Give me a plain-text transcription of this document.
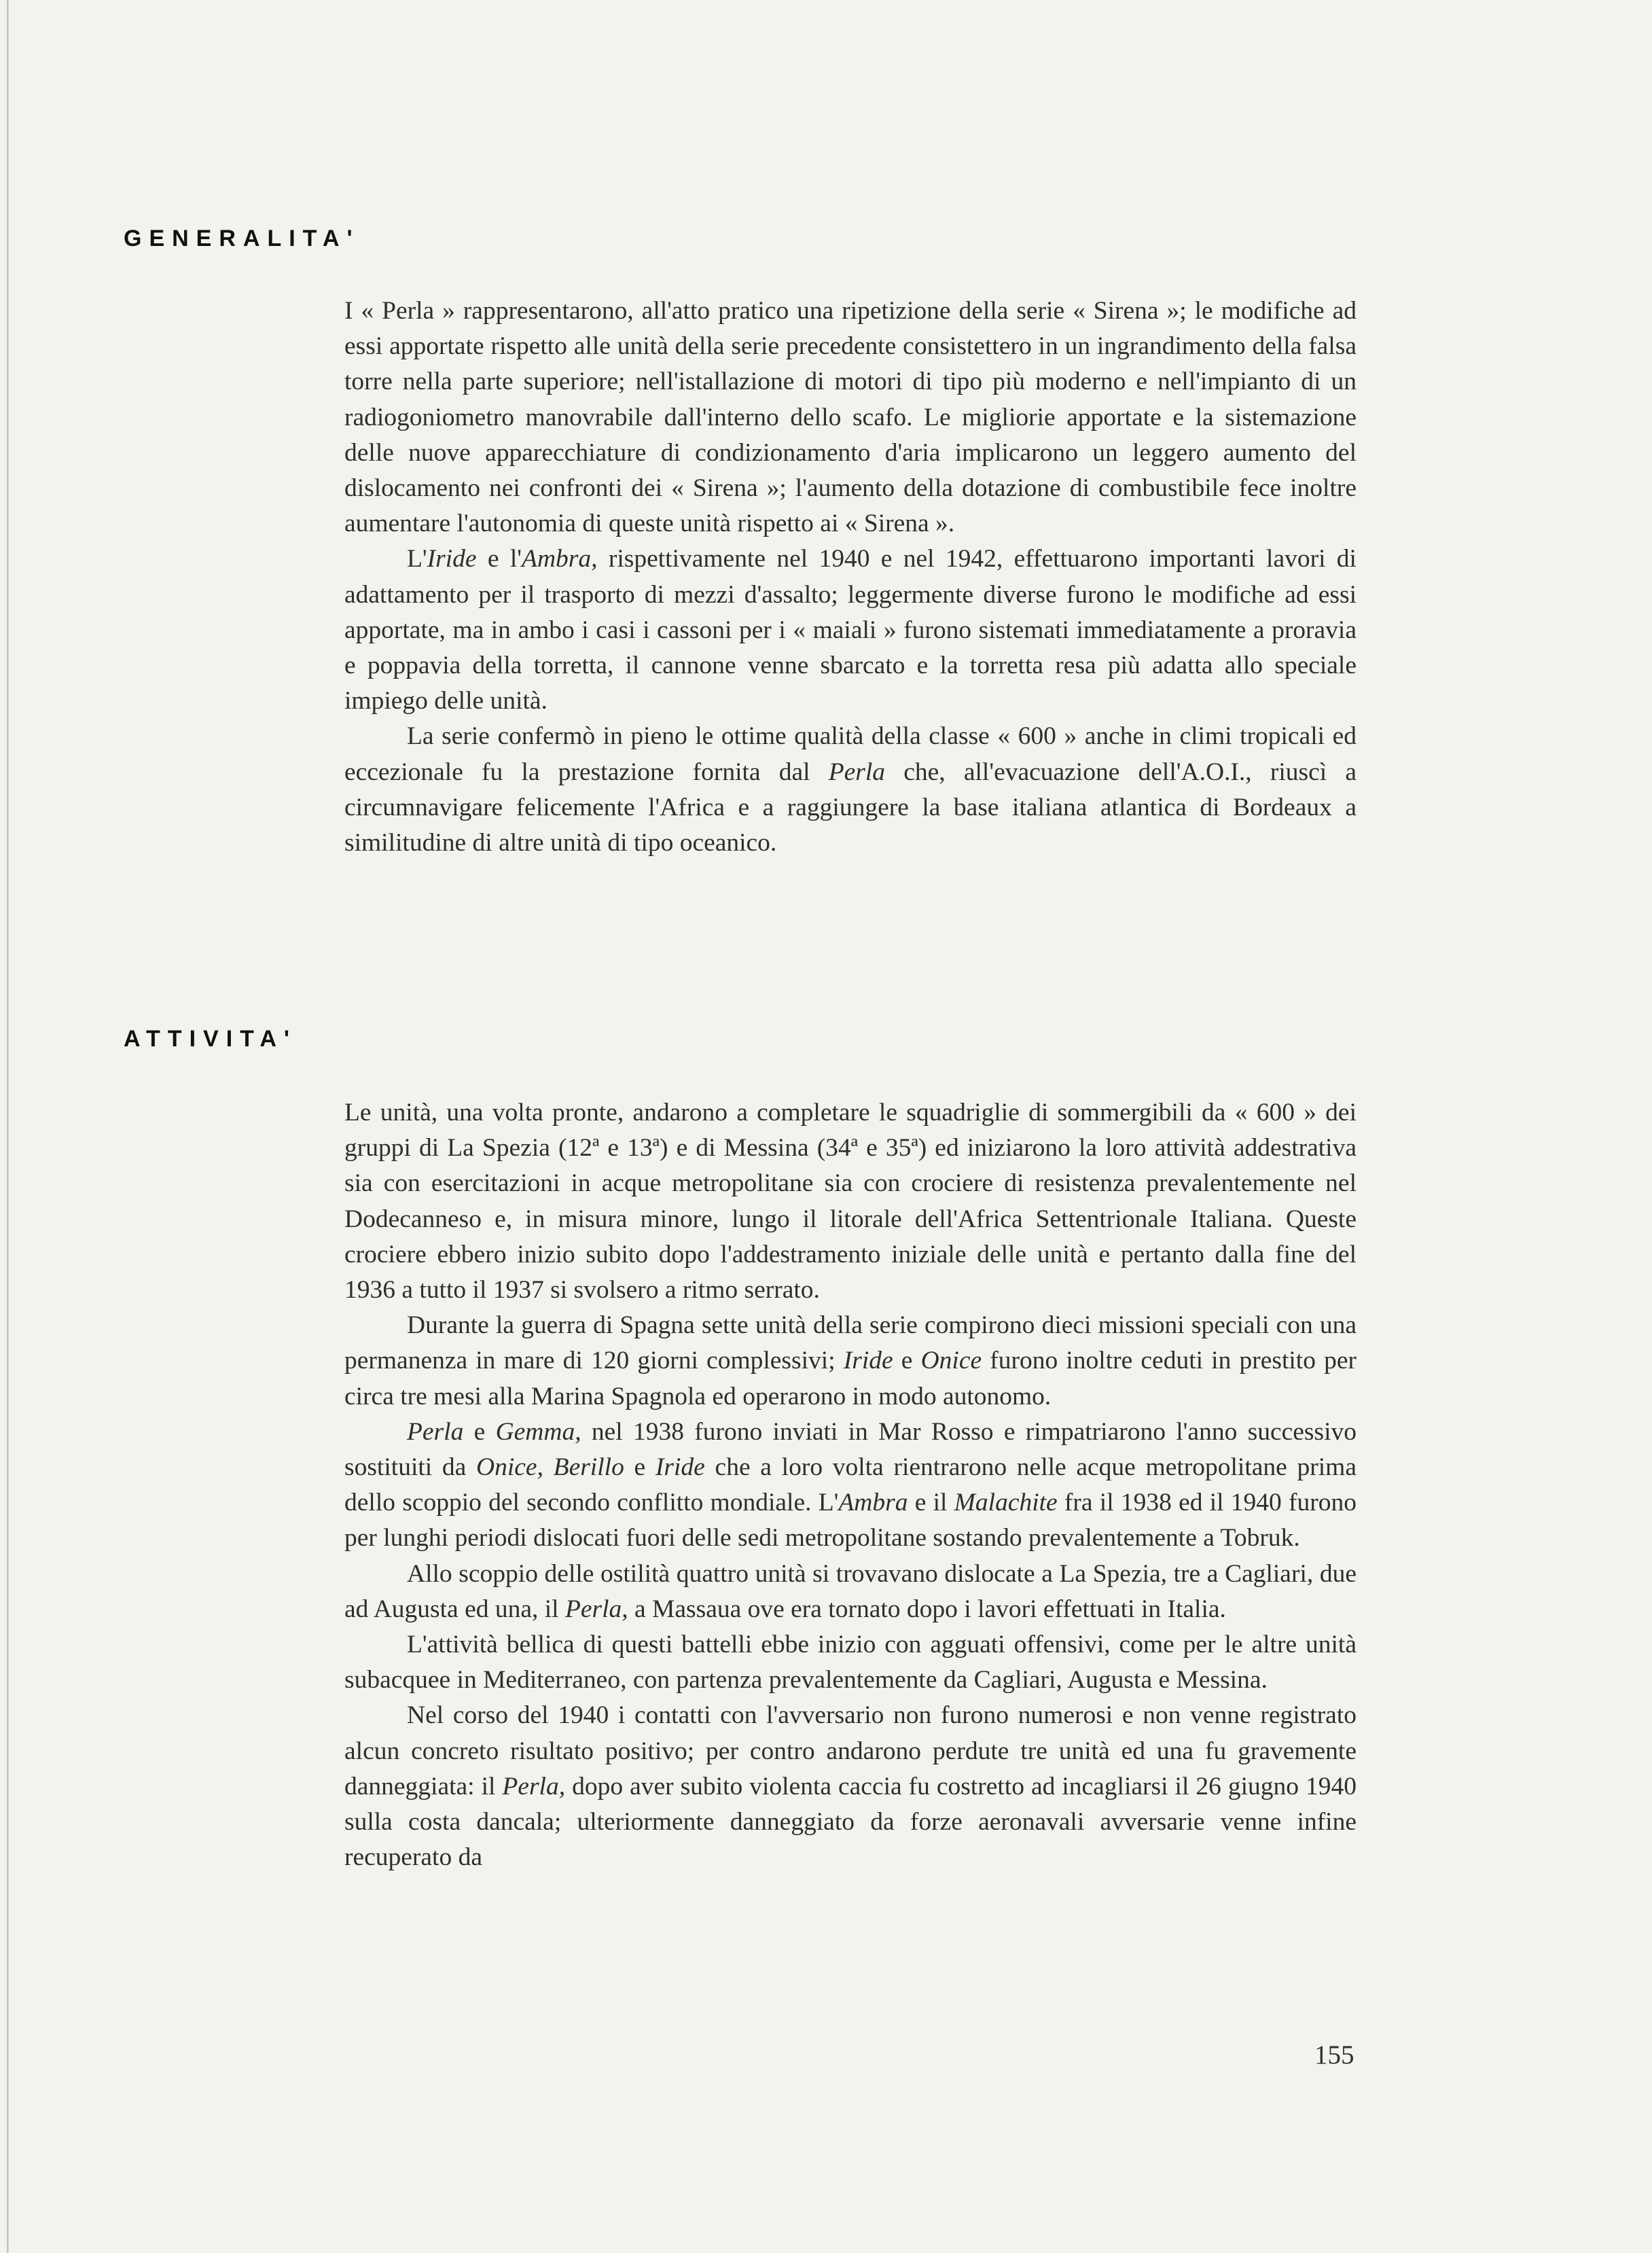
GENERALITA'

I « Perla » rappresentarono, all'atto pratico una ripetizione della serie « Sirena »; le modifiche ad essi apportate rispetto alle unità della serie precedente consistettero in un ingrandimento della falsa torre nella parte superiore; nell'istallazione di motori di tipo più moderno e nell'impianto di un radiogoniometro manovrabile dall'interno dello scafo. Le migliorie apportate e la sistemazione delle nuove apparecchiature di condizionamento d'aria implicarono un leggero aumento del dislocamento nei confronti dei « Sirena »; l'aumento della dotazione di combustibile fece inoltre aumentare l'autonomia di queste unità rispetto ai « Sirena ».

L'Iride e l'Ambra, rispettivamente nel 1940 e nel 1942, effettuarono importanti lavori di adattamento per il trasporto di mezzi d'assalto; leggermente diverse furono le modifiche ad essi apportate, ma in ambo i casi i cassoni per i « maiali » furono sistemati immediatamente a proravia e poppavia della torretta, il cannone venne sbarcato e la torretta resa più adatta allo speciale impiego delle unità.

La serie confermò in pieno le ottime qualità della classe « 600 » anche in climi tropicali ed eccezionale fu la prestazione fornita dal Perla che, all'evacuazione dell'A.O.I., riuscì a circumnavigare felicemente l'Africa e a raggiungere la base italiana atlantica di Bordeaux a similitudine di altre unità di tipo oceanico.

ATTIVITA'

Le unità, una volta pronte, andarono a completare le squadriglie di sommergibili da « 600 » dei gruppi di La Spezia (12ª e 13ª) e di Messina (34ª e 35ª) ed iniziarono la loro attività addestrativa sia con esercitazioni in acque metropolitane sia con crociere di resistenza prevalentemente nel Dodecanneso e, in misura minore, lungo il litorale dell'Africa Settentrionale Italiana. Queste crociere ebbero inizio subito dopo l'addestramento iniziale delle unità e pertanto dalla fine del 1936 a tutto il 1937 si svolsero a ritmo serrato.

Durante la guerra di Spagna sette unità della serie compirono dieci missioni speciali con una permanenza in mare di 120 giorni complessivi; Iride e Onice furono inoltre ceduti in prestito per circa tre mesi alla Marina Spagnola ed operarono in modo autonomo.

Perla e Gemma, nel 1938 furono inviati in Mar Rosso e rimpatriarono l'anno successivo sostituiti da Onice, Berillo e Iride che a loro volta rientrarono nelle acque metropolitane prima dello scoppio del secondo conflitto mondiale. L'Ambra e il Malachite fra il 1938 ed il 1940 furono per lunghi periodi dislocati fuori delle sedi metropolitane sostando prevalentemente a Tobruk.

Allo scoppio delle ostilità quattro unità si trovavano dislocate a La Spezia, tre a Cagliari, due ad Augusta ed una, il Perla, a Massaua ove era tornato dopo i lavori effettuati in Italia.

L'attività bellica di questi battelli ebbe inizio con agguati offensivi, come per le altre unità subacquee in Mediterraneo, con partenza prevalentemente da Cagliari, Augusta e Messina.

Nel corso del 1940 i contatti con l'avversario non furono numerosi e non venne registrato alcun concreto risultato positivo; per contro andarono perdute tre unità ed una fu gravemente danneggiata: il Perla, dopo aver subito violenta caccia fu costretto ad incagliarsi il 26 giugno 1940 sulla costa dancala; ulteriormente danneggiato da forze aeronavali avversarie venne infine recuperato da

155
